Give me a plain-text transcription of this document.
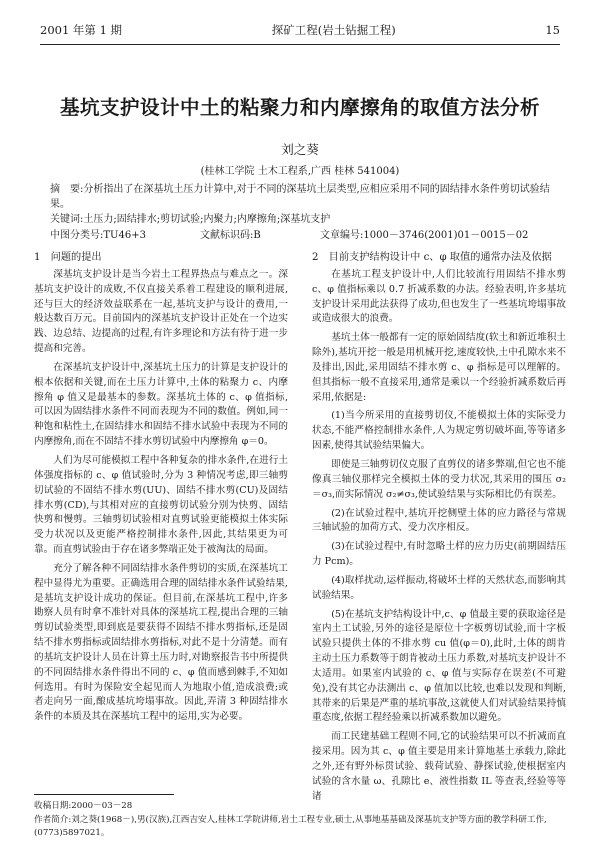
2001 年第 1 期	探矿工程(岩土钻掘工程)	15
基坑支护设计中土的粘聚力和内摩擦角的取值方法分析
刘之葵
(桂林工学院 土木工程系,广西 桂林 541004)
摘　要:分析指出了在深基坑土压力计算中,对于不同的深基坑土层类型,应相应采用不同的固结排水条件剪切试验结果。
关键词:土压力;固结排水;剪切试验;内聚力;内摩擦角;深基坑支护
中图分类号:TU46+3	文献标识码:B	文章编号:1000－3746(2001)01－0015－02
1　问题的提出

深基坑支护设计是当今岩土工程界热点与难点之一。深基坑支护设计的成败,不仅直接关系着工程建设的顺利进展,还与巨大的经济效益联系在一起,基坑支护与设计的费用,一般达数百万元。目前国内的深基坑支护设计正处在一个边实践、边总结、边提高的过程,有许多理论和方法有待于进一步提高和完善。

在深基坑支护设计中,深基坑土压力的计算是支护设计的根本依据和关键,而在土压力计算中,土体的粘聚力 c、内摩擦角 φ 值又是最基本的参数。深基坑土体的 c、φ 值指标,可以因为固结排水条件不同而表现为不同的数值。例如,同一种饱和粘性土,在固结排水和固结不排水试验中表现为不同的内摩擦角,而在不固结不排水剪切试验中内摩擦角 φ＝0。

人们为尽可能模拟工程中各种复杂的排水条件,在进行土体强度指标的 c、φ 值试验时,分为 3 种情况考虑,即三轴剪切试验的不固结不排水剪(UU)、固结不排水剪(CU)及固结排水剪(CD),与其相对应的直接剪切试验分别为快剪、固结快剪和慢剪。三轴剪切试验相对直剪试验更能模拟土体实际受力状况以及更能严格控制排水条件,因此,其结果更为可靠。而直剪试验由于存在诸多弊端正处于被淘汰的局面。

充分了解各种不同固结排水条件剪切的实质,在深基坑工程中显得尤为重要。正确选用合理的固结排水条件试验结果,是基坑支护设计成功的保证。但目前,在深基坑工程中,许多勘察人员有时拿不准针对具体的深基坑工程,提出合理的三轴剪切试验类型,即到底是要获得不固结不排水剪指标,还是固结不排水剪指标或固结排水剪指标,对此不是十分清楚。而有的基坑支护设计人员在计算土压力时,对勘察报告书中所提供的不同固结排水条件得出不同的 c、φ 值而感到棘手,不知如何选用。有时为保险安全起见而人为地取小值,造成浪费;或者走向另一面,酿成基坑垮塌事故。因此,弄清 3 种固结排水条件的本质及其在深基坑工程中的运用,实为必要。

2　目前支护结构设计中 c、φ 取值的通常办法及依据

在基坑工程支护设计中,人们比较流行用固结不排水剪 c、φ 值指标乘以 0.7 折减系数的办法。经验表明,许多基坑支护设计采用此法获得了成功,但也发生了一些基坑垮塌事故或造成很大的浪费。

基坑土体一般都有一定的原始固结度(软土和新近堆积土除外),基坑开挖一般是用机械开挖,速度较快,土中孔隙水来不及排出,因此,采用固结不排水剪 c、φ 指标是可以理解的。但其指标一般不直接采用,通常是乘以一个经验折减系数后再采用,依据是:

(1)当今所采用的直接剪切仪,不能模拟土体的实际受力状态,不能严格控制排水条件,人为规定剪切破坏面,等等诸多因素,使得其试验结果偏大。

即使是三轴剪切仪克服了直剪仪的诸多弊端,但它也不能像真三轴仪那样完全模拟土体的受力状况,其采用的围压 σ₂＝σ₃,而实际情况 σ₂≠σ₃,使试验结果与实际相比仍有误差。

(2)在试验过程中,基坑开挖侧壁土体的应力路径与常规三轴试验的加荷方式、受力次序相反。

(3)在试验过程中,有时忽略土样的应力历史(前期固结压力 Pcm)。

(4)取样扰动,运样振动,将破坏土样的天然状态,而影响其试验结果。

(5)在基坑支护结构设计中,c、φ 值最主要的获取途径是室内土工试验,另外的途径是原位十字板剪切试验,而十字板试验只提供土体的不排水剪 cu 值(φ＝0),此时,土体的朗肯主动土压力系数等于朗肯被动土压力系数,对基坑支护设计不太适用。如果室内试验的 c、φ 值与实际存在误差(不可避免),没有其它办法测出 c、φ 值加以比较,也难以发现和判断,其带来的后果是严重的基坑事故,这就使人们对试验结果持慎重态度,依据工程经验乘以折减系数加以避免。

而工民建基础工程则不同,它的试验结果可以不折减而直接采用。因为其 c、φ 值主要是用来计算地基土承载力,除此之外,还有野外标贯试验、载荷试验、静探试验,使根据室内试验的含水量 ω、孔隙比 e、液性指数 IL 等查表,经验等等诸

收稿日期:2000－03－28
作者简介:刘之葵(1968－),男(汉族),江西吉安人,桂林工学院讲师,岩土工程专业,硕士,从事地基基础及深基坑支护等方面的教学科研工作,(0773)5897021。
